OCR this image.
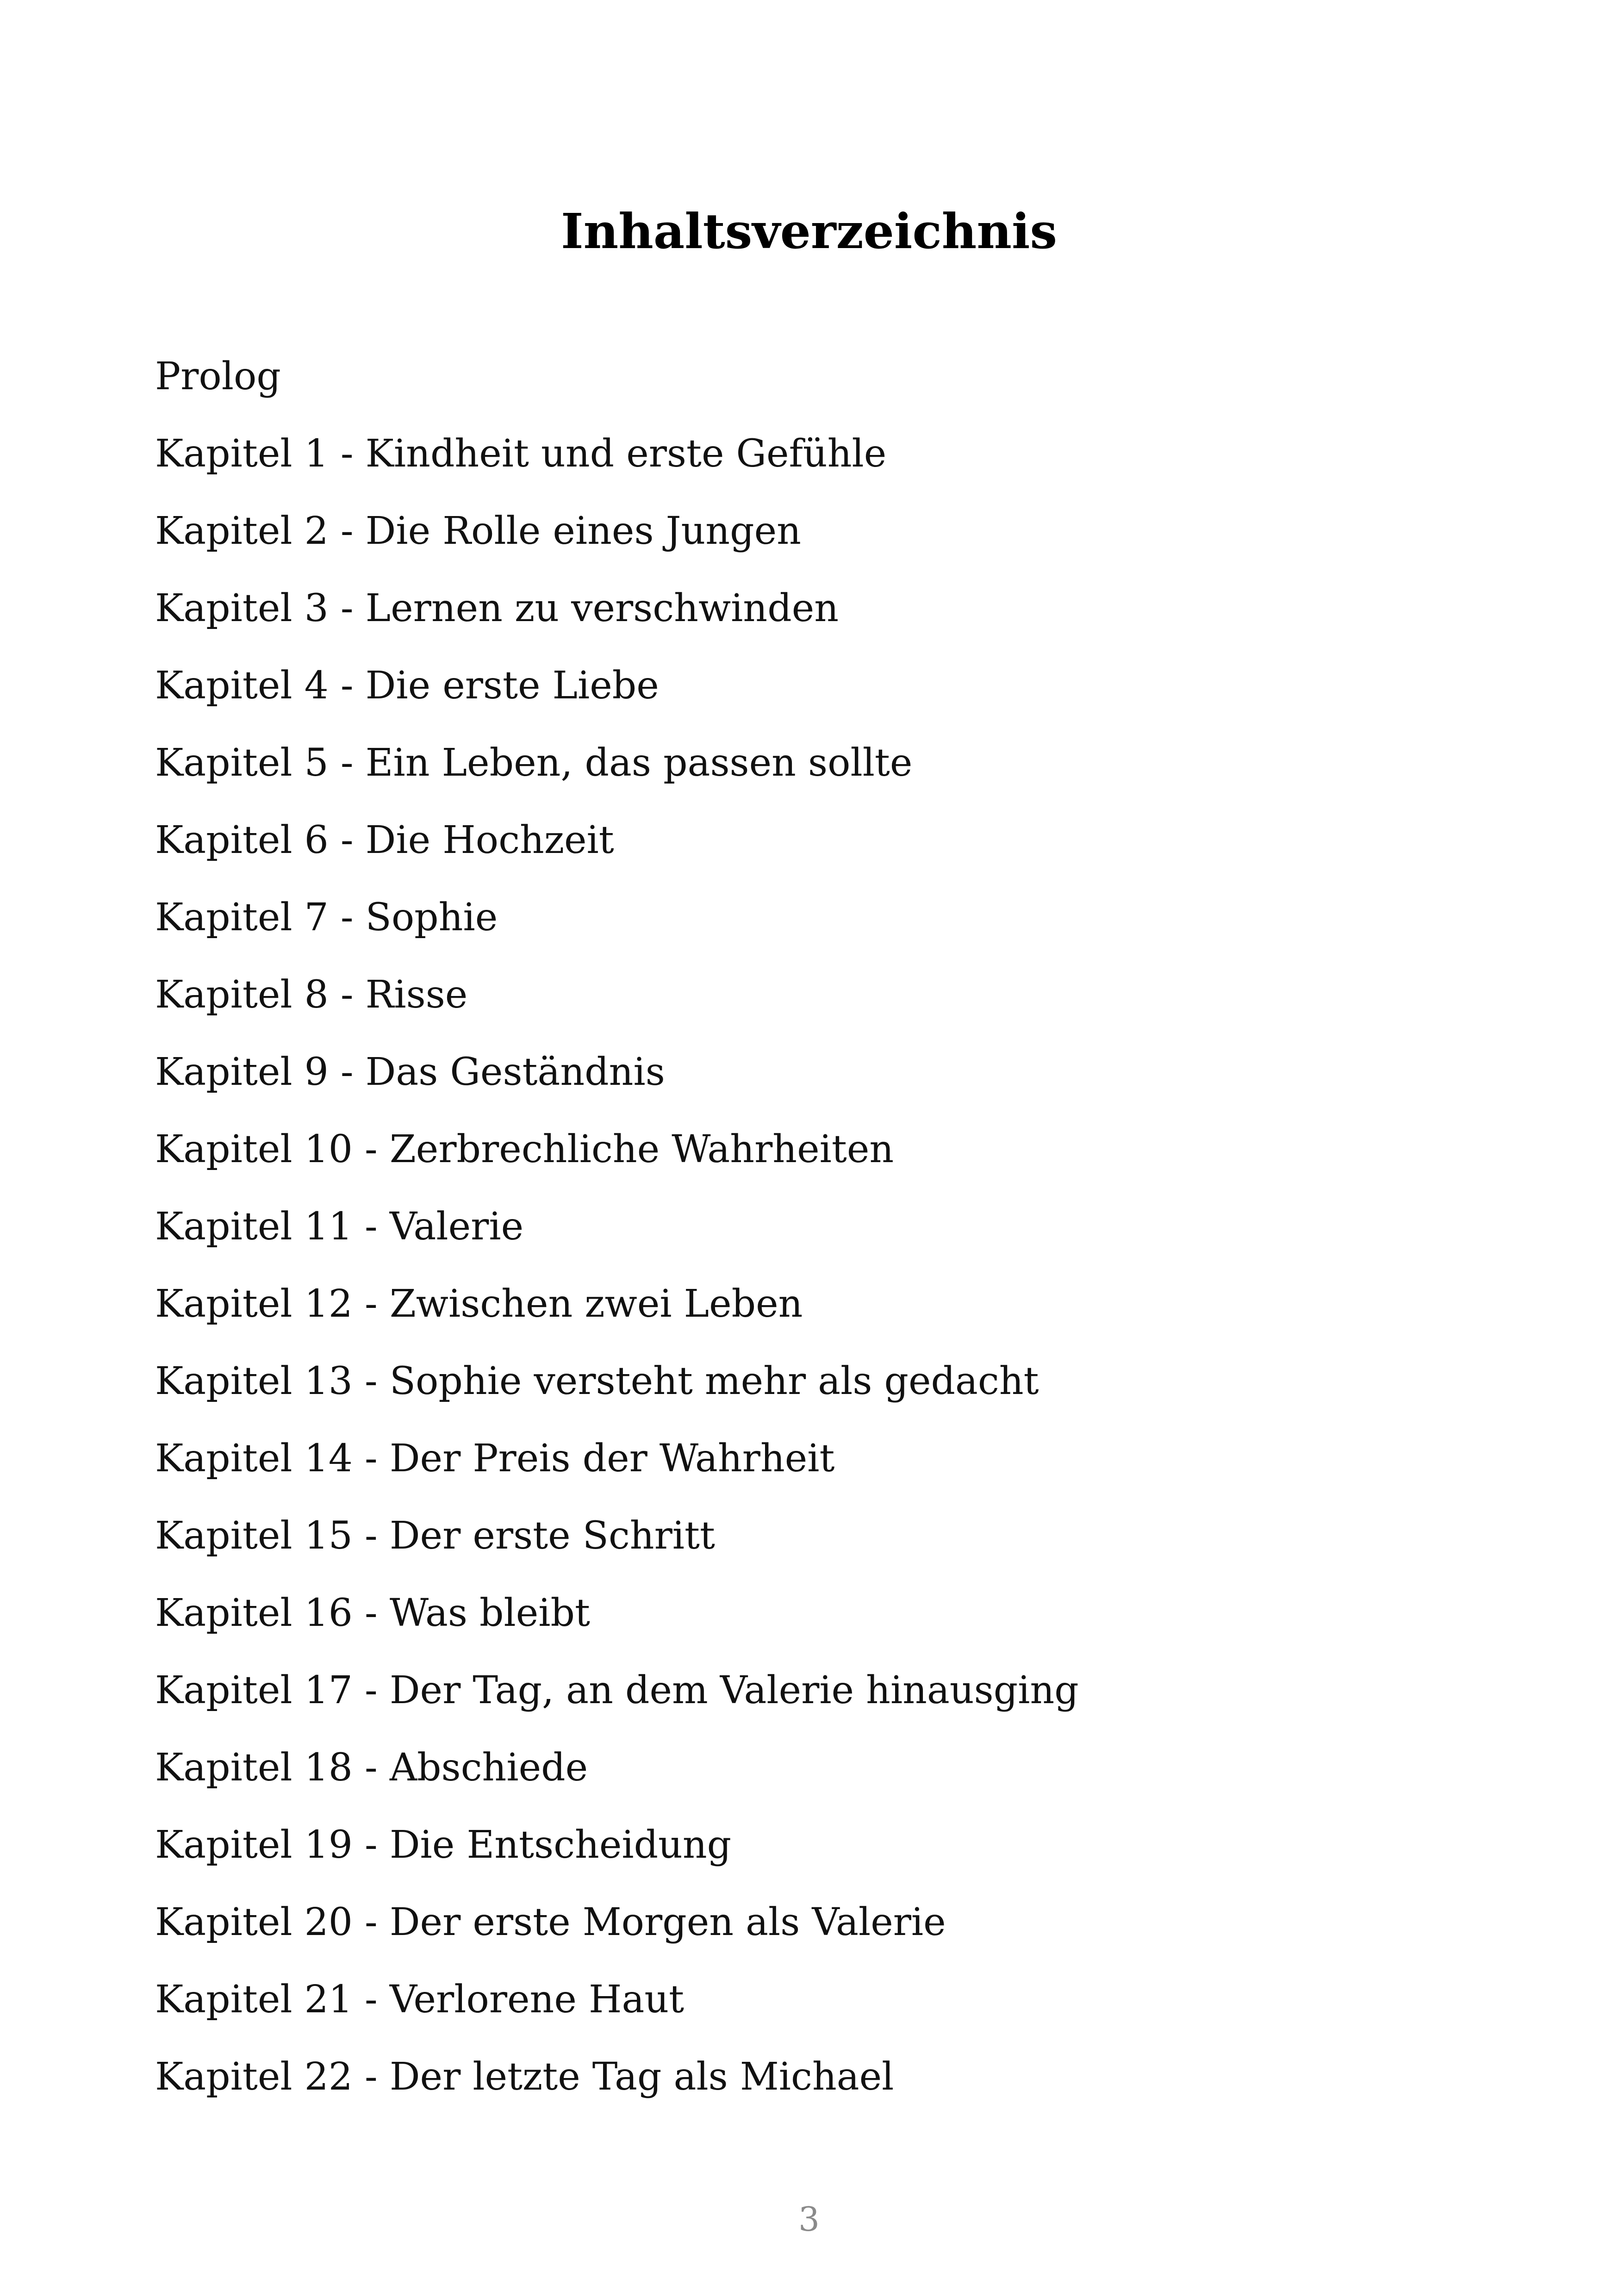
Inhaltsverzeichnis
Prolog
Kapitel 1 - Kindheit und erste Gefühle
Kapitel 2 - Die Rolle eines Jungen
Kapitel 3 - Lernen zu verschwinden
Kapitel 4 - Die erste Liebe
Kapitel 5 - Ein Leben, das passen sollte
Kapitel 6 - Die Hochzeit
Kapitel 7 - Sophie
Kapitel 8 - Risse
Kapitel 9 - Das Geständnis
Kapitel 10 - Zerbrechliche Wahrheiten
Kapitel 11 - Valerie
Kapitel 12 - Zwischen zwei Leben
Kapitel 13 - Sophie versteht mehr als gedacht
Kapitel 14 - Der Preis der Wahrheit
Kapitel 15 - Der erste Schritt
Kapitel 16 - Was bleibt
Kapitel 17 - Der Tag, an dem Valerie hinausging
Kapitel 18 - Abschiede
Kapitel 19 - Die Entscheidung
Kapitel 20 - Der erste Morgen als Valerie
Kapitel 21 - Verlorene Haut
Kapitel 22 - Der letzte Tag als Michael
3
